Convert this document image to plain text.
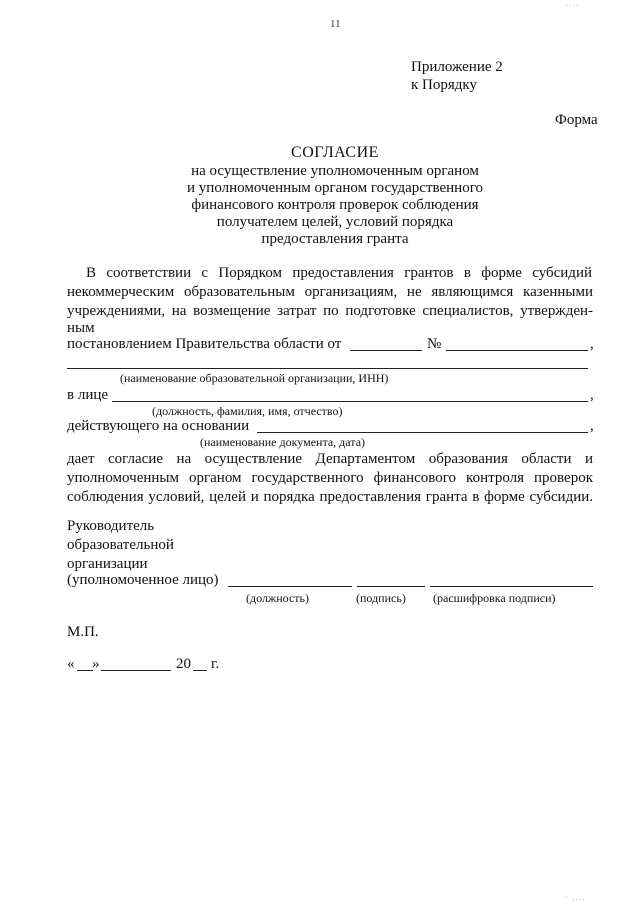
....
11
Приложение 2
к Порядку
Форма
СОГЛАСИЕ
на осуществление уполномоченным органом
и уполномоченным органом государственного
финансового контроля проверок соблюдения
получателем целей, условий порядка
предоставления гранта
В соответствии с Порядком предоставления грантов в форме субсидий
некоммерческим образовательным организациям, не являющимся казенными
учреждениями, на возмещение затрат по подготовке специалистов, утвержден-
ным
постановлением Правительства области от	№	,
(наименование образовательной организации, ИНН)
в лице	,
(должность, фамилия, имя, отчество)
действующего на основании	,
(наименование документа, дата)
дает согласие на осуществление Департаментом образования области и
уполномоченным органом государственного финансового контроля проверок
соблюдения условий, целей и порядка предоставления гранта в форме субсидии.
Руководитель
образовательной
организации
(уполномоченное лицо)
(должность)	(подпись) (расшифровка подписи)
М.П.
« »	20 г.
· ....
